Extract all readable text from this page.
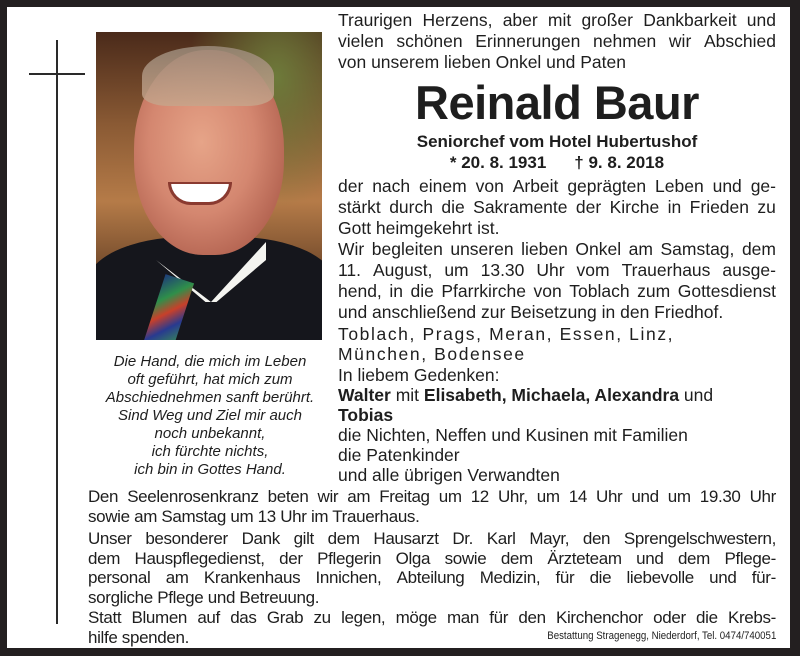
Die Hand, die mich im Leben
oft geführt, hat mich zum
Abschiednehmen sanft berührt.
Sind Weg und Ziel mir auch
noch unbekannt,
ich fürchte nichts,
ich bin in Gottes Hand.
Traurigen Herzens, aber mit großer Dankbarkeit und
vielen schönen Erinnerungen nehmen wir Abschied
von unserem lieben Onkel und Paten
Reinald Baur
Seniorchef vom Hotel Hubertushof
* 20. 8. 1931 † 9. 8. 2018
der nach einem von Arbeit geprägten Leben und ge-
stärkt durch die Sakramente der Kirche in Frieden zu
Gott heimgekehrt ist.
Wir begleiten unseren lieben Onkel am Samstag, dem
11. August, um 13.30 Uhr vom Trauerhaus ausge-
hend, in die Pfarrkirche von Toblach zum Gottesdienst
und anschließend zur Beisetzung in den Friedhof.
Toblach, Prags, Meran, Essen, Linz,
München, Bodensee
In liebem Gedenken:
Walter mit Elisabeth, Michaela, Alexandra und
Tobias
die Nichten, Neffen und Kusinen mit Familien
die Patenkinder
und alle übrigen Verwandten
Den Seelenrosenkranz beten wir am Freitag um 12 Uhr, um 14 Uhr und um 19.30 Uhr
sowie am Samstag um 13 Uhr im Trauerhaus.
Unser besonderer Dank gilt dem Hausarzt Dr. Karl Mayr, den Sprengelschwestern,
dem Hauspflegedienst, der Pflegerin Olga sowie dem Ärzteteam und dem Pflege-
personal am Krankenhaus Innichen, Abteilung Medizin, für die liebevolle und für-
sorgliche Pflege und Betreuung.
Statt Blumen auf das Grab zu legen, möge man für den Kirchenchor oder die Krebs-
hilfe spenden.	Bestattung Stragenegg, Niederdorf, Tel. 0474/740051
